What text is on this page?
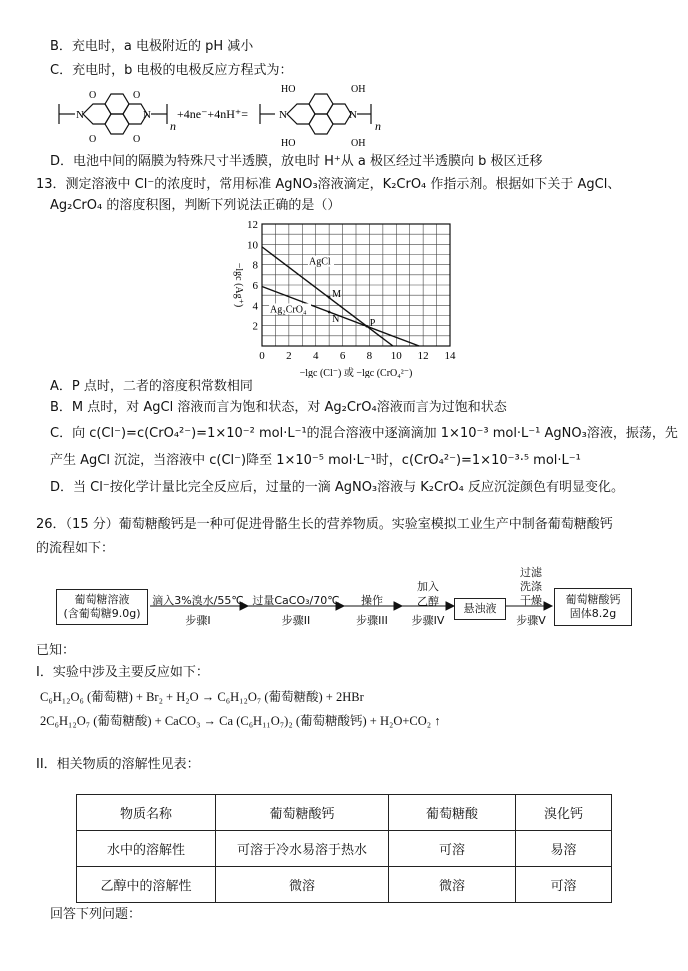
B．充电时，a 电极附近的 pH 减小
C．充电时，b 电极的电极反应方程式为：
N	N
O	O
O	O
n
+4ne⁻+4nH⁺=	N	N
HO	OH
HO	OH
n
D．电池中间的隔膜为特殊尺寸半透膜，放电时 H⁺从 a 极区经过半透膜向 b 极区迁移
13．测定溶液中 Cl⁻的浓度时，常用标准 AgNO₃溶液滴定，K₂CrO₄ 作指示剂。根据如下关于 AgCl、
Ag₂CrO₄ 的溶度积图，判断下列说法正确的是（）
0 2 4 6 8 10 12 14
2
4
6
8
10
12
−lgc (Cl⁻) 或 −lgc (CrO₄²⁻)
−lgc (Ag⁺)
AgCl
Ag₂CrO₄
M
N	P
A．P 点时，二者的溶度积常数相同
B．M 点时，对 AgCl 溶液而言为饱和状态，对 Ag₂CrO₄溶液而言为过饱和状态
C．向 c(Cl⁻)=c(CrO₄²⁻)=1×10⁻² mol·L⁻¹的混合溶液中逐滴滴加 1×10⁻³ mol·L⁻¹ AgNO₃溶液，振荡，先
产生 AgCl 沉淀，当溶液中 c(Cl⁻)降至 1×10⁻⁵ mol·L⁻¹时，c(CrO₄²⁻)=1×10⁻³·⁵ mol·L⁻¹
D．当 Cl⁻按化学计量比完全反应后，过量的一滴 AgNO₃溶液与 K₂CrO₄ 反应沉淀颜色有明显变化。
26．（15 分）葡萄糖酸钙是一种可促进骨骼生长的营养物质。实验室模拟工业生产中制备葡萄糖酸钙
的流程如下：
葡萄糖溶液
(含葡萄糖9.0g)
滴入3%溴水/55℃
步骤I
过量CaCO₃/70℃
步骤II
操作
步骤III
加入
乙醇
步骤IV
悬浊液
过滤
洗涤
干燥
步骤V
葡萄糖酸钙
固体8.2g
已知：
I．实验中涉及主要反应如下：
C₆H₁₂O₆ (葡萄糖) + Br₂ + H₂O → C₆H₁₂O₇ (葡萄糖酸) + 2HBr
2C₆H₁₂O₇ (葡萄糖酸) + CaCO₃ → Ca (C₆H₁₁O₇)₂ (葡萄糖酸钙) + H₂O+CO₂ ↑
II．相关物质的溶解性见表：
物质名称	葡萄糖酸钙	葡萄糖酸	溴化钙
水中的溶解性	可溶于冷水易溶于热水	可溶	易溶
乙醇中的溶解性	微溶	微溶	可溶
回答下列问题：
